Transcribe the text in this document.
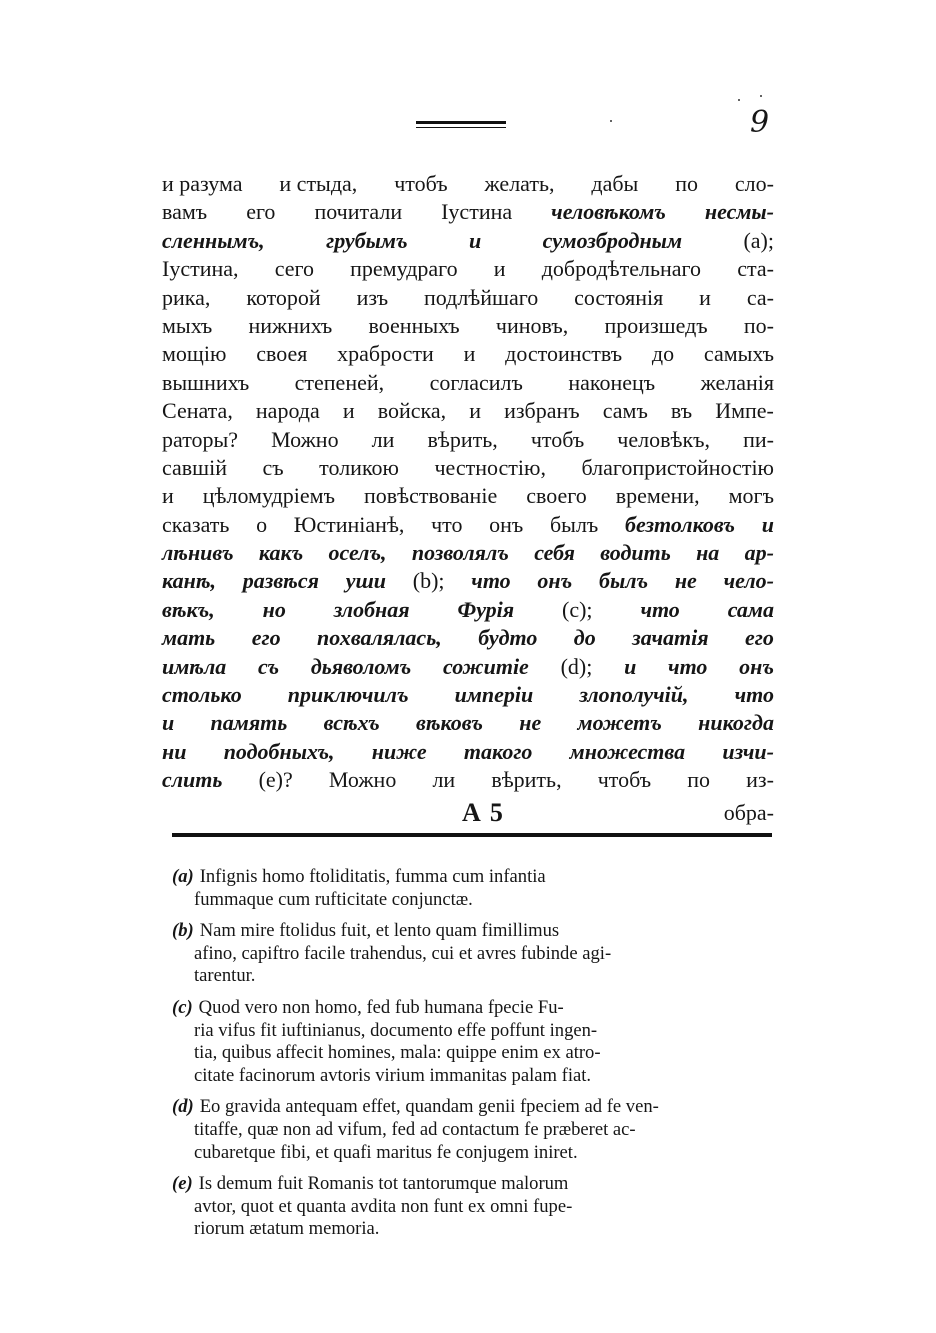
9
и разума и стыда, чтобъ желать, дабы по сло-
вамъ его почитали Іустина человѣкомъ несмы-
сленнымъ,	грубымъ	и	сумозбродным	(a);
Іустина, сего премудраго и добродѣтельнаго ста-
рика, которой изъ подлѣйшаго состоянія и са-
мыхъ нижнихъ военныхъ чиновъ, произшедъ по-
мощію своея храбрости и достоинствъ до самыхъ
вышнихъ степеней, согласилъ наконецъ желанія
Сената, народа и войска, и избранъ самъ въ Импе-
раторы? Можно ли вѣрить, чтобъ человѣкъ, пи-
савшій съ толикою честностію, благопристойностію
и цѣломудріемъ повѣствованіе своего времени, могъ
сказать о Юстиніанѣ, что онъ былъ безтолковъ и
лѣнивъ какъ оселъ, позволялъ себя водить на ар-
канѣ, развѣся уши (b); что онъ былъ не чело-
вѣкъ, но злобная Фурія (c); что сама
мать его похвалялась, будто до зачатія его
имѣла съ дьяволомъ сожитіе (d); и что онъ
столько приключилъ имперіи злополучій, что
и память всѣхъ вѣковъ не можетъ никогда
ни подобныхъ, ниже такого множества изчи-
слить (e)? Можно ли вѣрить, чтобъ по из-
A 5	обра-
(a) Infignis homo ftoliditatis, fumma cum infantia
fummaque cum rufticitate conjunctæ.
(b) Nam mire ftolidus fuit, et lento quam fimillimus
afino, capiftro facile trahendus, cui et avres fubinde agi-
tarentur.
(c) Quod vero non homo, fed fub humana fpecie Fu-
ria vifus fit iuftinianus, documento effe poffunt ingen-
tia, quibus affecit homines, mala: quippe enim ex atro-
citate facinorum avtoris virium immanitas palam fiat.
(d) Eo gravida antequam effet, quandam genii fpeciem ad fe ven-
titaffe, quæ non ad vifum, fed ad contactum fe præberet ac-
cubaretque fibi, et quafi maritus fe conjugem iniret.
(e) Is demum fuit Romanis tot tantorumque malorum
avtor, quot et quanta avdita non funt ex omni fupe-
riorum ætatum memoria.
